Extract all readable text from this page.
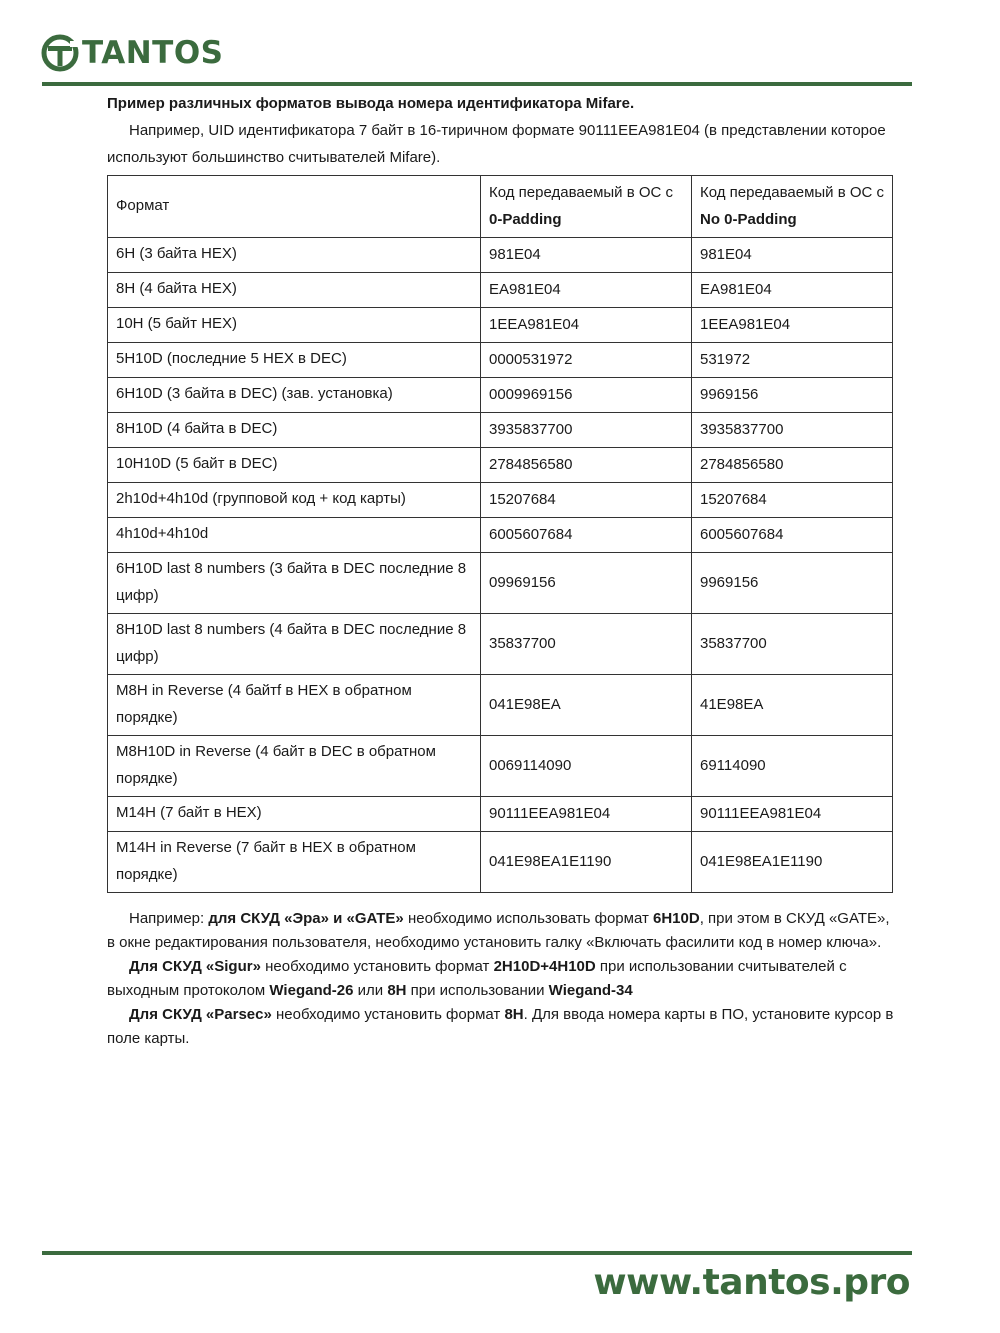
TANTOS

Пример различных форматов вывода номера идентификатора Mifare.

Например, UID идентификатора 7 байт в 16-тиричном формате 90111EEA981E04 (в представлении которое используют большинство считывателей Mifare).

Формат	Код передаваемый в ОС с 0-Padding	Код передаваемый в ОС с No 0-Padding
6H (3 байта HEX)	981E04	981E04
8H (4 байта HEX)	EA981E04	EA981E04
10H (5 байт HEX)	1EEA981E04	1EEA981E04
5H10D (последние 5 HEX в DEC)	0000531972	531972
6H10D (3 байта в DEC) (зав. установка)	0009969156	9969156
8H10D (4 байта в DEC)	3935837700	3935837700
10H10D (5 байт в DEC)	2784856580	2784856580
2h10d+4h10d (групповой код + код карты)	15207684	15207684
4h10d+4h10d	6005607684	6005607684
6H10D last 8 numbers (3 байта в DEC последние 8 цифр)	09969156	9969156
8H10D last 8 numbers (4 байта в DEC последние 8 цифр)	35837700	35837700
M8H in Reverse (4 байтf в HEX в обратном порядке)	041E98EA	41E98EA
M8H10D in Reverse (4 байт в DEC в обратном порядке)	0069114090	69114090
M14H (7 байт в HEX)	90111EEA981E04	90111EEA981E04
M14H in Reverse (7 байт в HEX в обратном порядке)	041E98EA1E1190	041E98EA1E1190

Например: для СКУД «Эра» и «GATE» необходимо использовать формат 6H10D, при этом в СКУД «GATE», в окне редактирования пользователя, необходимо установить галку «Включать фасилити код в номер ключа».

Для СКУД «Sigur» необходимо установить формат 2H10D+4H10D при использовании считывателей с выходным протоколом Wiegand-26 или 8H при использовании Wiegand-34

Для СКУД «Parsec» необходимо установить формат 8H. Для ввода номера карты в ПО, установите курсор в поле карты.

www.tantos.pro
